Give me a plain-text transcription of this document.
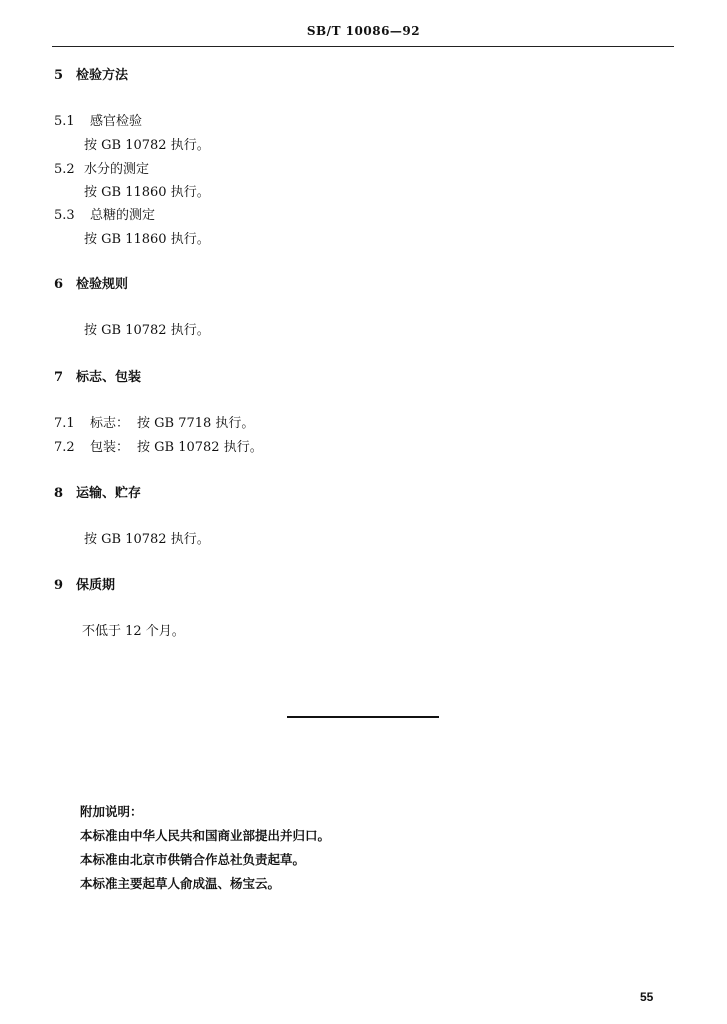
SB/T 10086—92
5 检验方法
5.1 感官检验
按 GB 10782 执行。
5.2 水分的测定
按 GB 11860 执行。
5.3 总糖的测定
按 GB 11860 执行。
6 检验规则
按 GB 10782 执行。
7 标志、包装
7.1 标志： 按 GB 7718 执行。
7.2 包装： 按 GB 10782 执行。
8 运输、贮存
按 GB 10782 执行。
9 保质期
不低于 12 个月。
附加说明：
本标准由中华人民共和国商业部提出并归口。
本标准由北京市供销合作总社负责起草。
本标准主要起草人俞成温、杨宝云。
55
